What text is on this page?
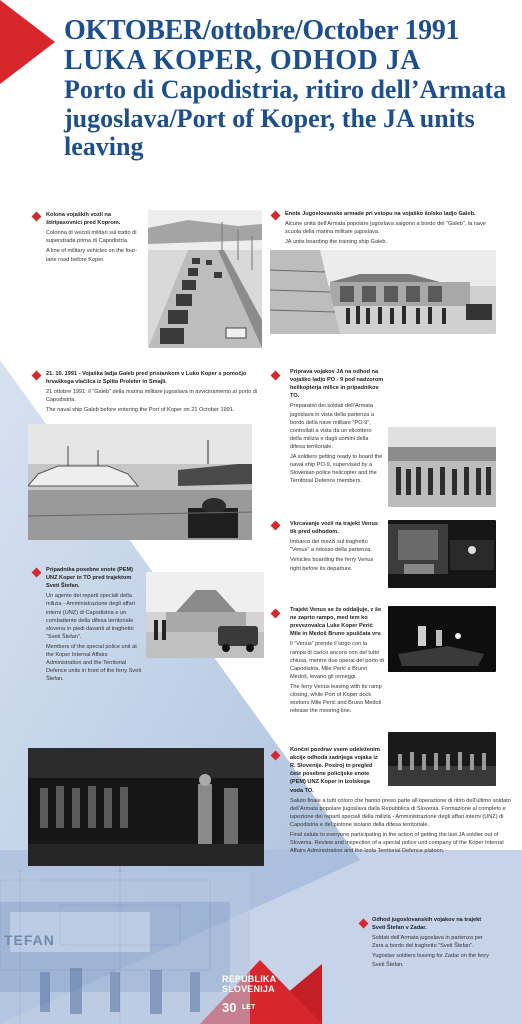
OKTOBER/ottobre/October 1991
LUKA KOPER, ODHOD JA
Porto di Capodistria, ritiro dell’Armata jugoslava/Port of Koper, the JA units leaving
Kolona vojaških vozil na štiripasovnici pred Koprom.
Colonna di veicoli militari sul tratto di superstrada prima di Capodistria.
A line of military vehicles on the four-lane road before Koper.
Enote Jugoslovanske armade pri vstopu na vojaško šolsko ladjo Galeb.
Alcune unità dell’Armata popolare jugoslava salgono a bordo del “Galeb”, la nave scuola della marina militare jugoslava.
JA units boarding the training ship Galeb.
21. 10. 1991 - Vojaška ladja Galeb pred pristankom v Luko Koper s pomočjo hrvaškega vlačilca iz Splita Proleter in Smajli.
21 ottobre 1991: il “Galeb” della marina militare jugoslava in avvicinamento al porto di Capodistria.
The naval ship Galeb before entering the Port of Koper on 21 October 1991.
Priprava vojakov JA na odhod na vojaško ladjo PO - 9 pod nadzorom helikopterja milice in pripadnikov TO.
Preparativi dei soldati dell’Armata jugoslava in vista della partenza a bordo della nave militare “PO-9”, controllati a vista da un elicottero della milizia e dagli uomini della difesa territoriale.
JA soldiers getting ready to board the naval ship PO-9, supervised by a Slovenian police helicopter and the Territorial Defence members.
Vkrcavanje vozil na trajekt Venus tik pred odhodom.
Imbarco dei mezzi sul traghetto “Venus” a ridosso della partenza.
Vehicles boarding the ferry Venus right before its departure.
Pripadnika posebne enote (PEM) UNZ Koper in TO pred trajektom Sveti Štefan.
Un agente dei reparti speciali della milizia - Amministrazione degli affari interni (UNZ) di Capodistria e un combattente della difesa territoriale slovena in piedi davanti al traghetto “Sveti Štefan”.
Members of the special police unit at the Koper Internal Affairs Administration and the Territorial Defence units in front of the ferry Sveti Štefan.
Trajekt Venus se že oddaljuje, z še ne zaprto rampo, med tem ko prevezovalca Luke Koper Perić Mile in Medoš Bruno spuščata vrv.
Il “Venus” prende il largo con la rampa di carico ancora non del tutto chiusa, mentre due operai del porto di Capodistria, Mile Perić e Bruno Medoš, levano gli ormeggi.
The ferry Venus leaving with its ramp closing, while Port of Koper dock workers Mile Perić and Bruno Medoš release the mooring line.
Končni pozdrav vsem udeleženim akcije odhoda zadnjega vojaka iz R. Slovenije. Postroj in pregled čete posebne policijske enote (PEM) UNZ Koper in Izolskega voda TO.
Saluto finale a tutti coloro che hanno preso parte all’operazione di ritiro dell’ultimo soldato dell’Armata popolare jugoslava dalla Repubblica di Slovenia. Formazione al completo e ispezione dei reparti speciali della milizia - Amministrazione degli affari interni (UNZ) di Capodistria e del plotone isolano della difesa territoriale.
Final salute to everyone participating in the action of getting the last JA soldier out of Slovenia. Review and inspection of a special police unit company of the Koper Internal Affairs Administration and the Izola Territorial Defence platoon.
TEFAN
Odhod jugoslovanskih vojakov na trajekt Sveti Štefan v Zadar.
Soldati dell’Armata jugoslava in partenza per Zara a bordo del traghetto “Sveti Štefan”.
Yugoslav soldiers leaving for Zadar on the ferry Sveti Štefan.
REPUBLIKA
SLOVENIJA
30 LET
